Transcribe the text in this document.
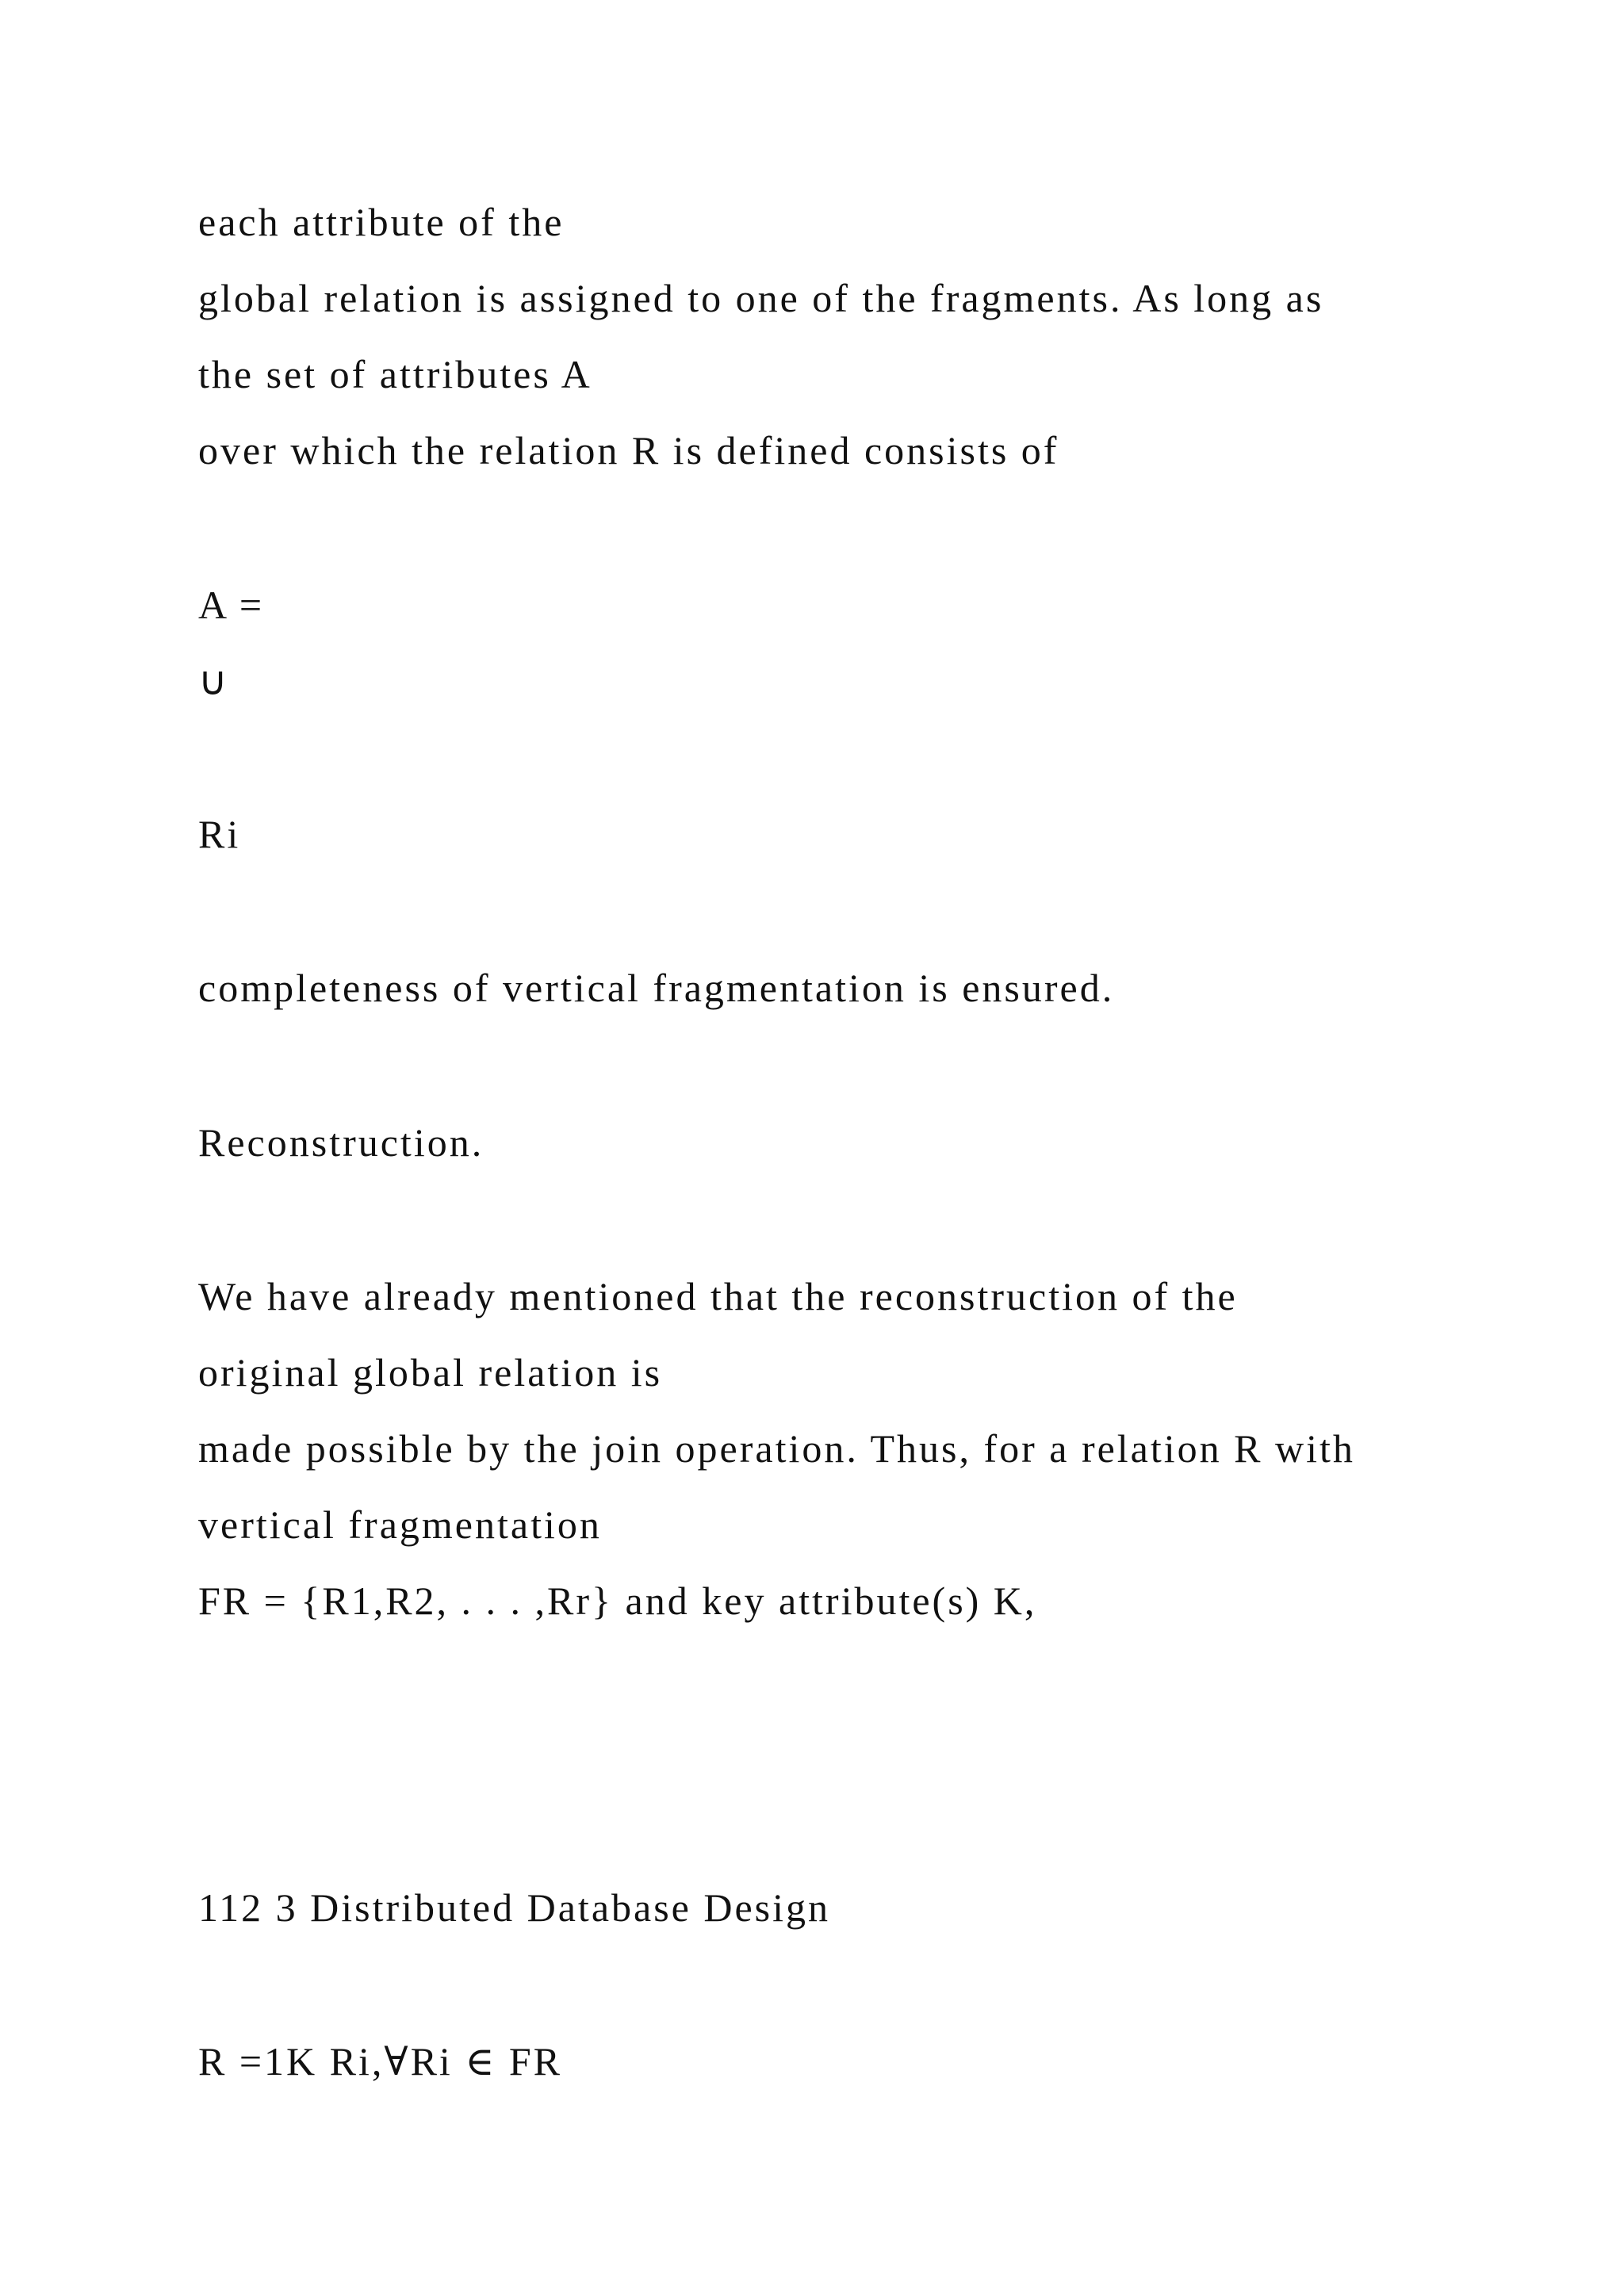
each attribute of the

global relation is assigned to one of the fragments. As long as

the set of attributes A

over which the relation R is defined consists of

A =

∪

Ri

completeness of vertical fragmentation is ensured.

Reconstruction.

We have already mentioned that the reconstruction of the

original global relation is

made possible by the join operation. Thus, for a relation R with

vertical fragmentation

FR = {R1,R2, . . . ,Rr} and key attribute(s) K,

112 3 Distributed Database Design

R =1K Ri,∀Ri ∈ FR
